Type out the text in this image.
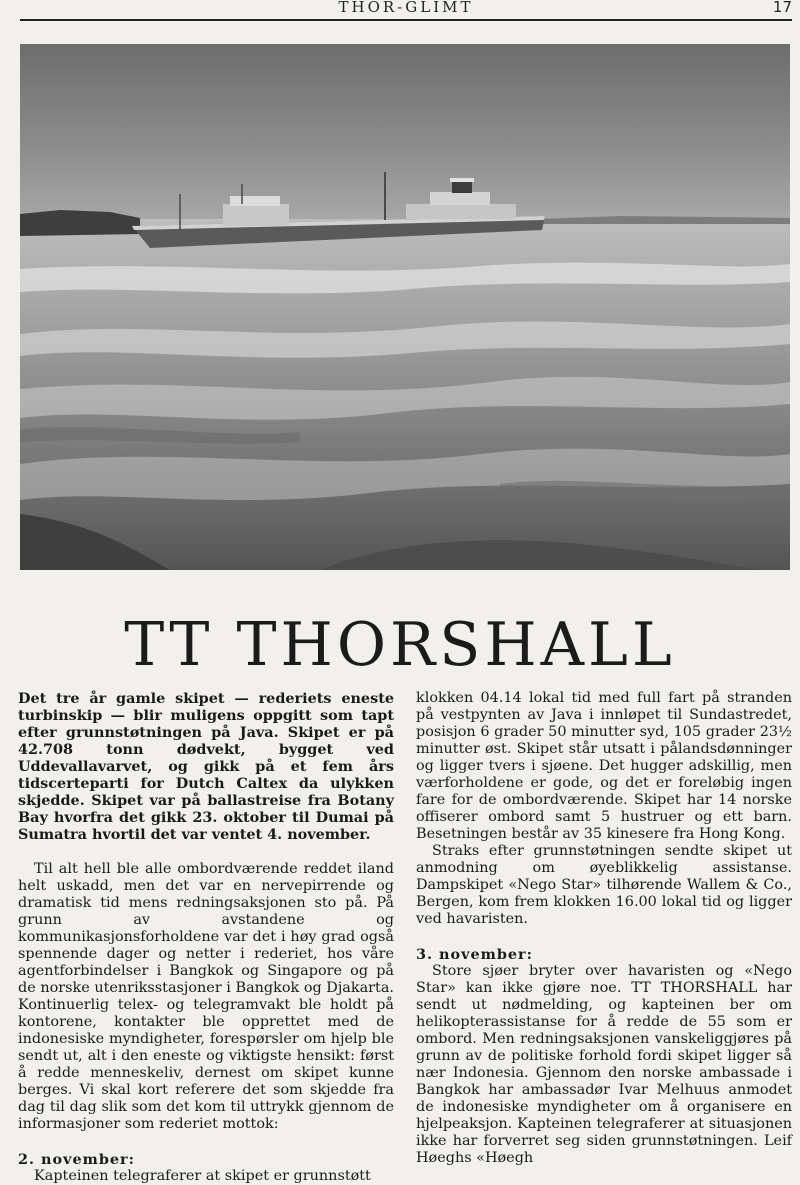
THOR-GLIMT	17
TT THORSHALL

Det tre år gamle skipet — rederiets eneste turbinskip — blir muligens oppgitt som tapt efter grunnstøtningen på Java. Skipet er på 42.708 tonn dødvekt, bygget ved Uddevallavarvet, og gikk på et fem års tidscerteparti for Dutch Caltex da ulykken skjedde. Skipet var på ballastreise fra Botany Bay hvorfra det gikk 23. oktober til Dumai på Sumatra hvortil det var ventet 4. november.

Til alt hell ble alle ombordværende reddet iland helt uskadd, men det var en nervepirrende og dramatisk tid mens redningsaksjonen sto på. På grunn av avstandene og kommunikasjonsforholdene var det i høy grad også spennende dager og netter i rederiet, hos våre agentforbindelser i Bangkok og Singapore og på de norske utenriksstasjoner i Bangkok og Djakarta. Kontinuerlig telex- og telegramvakt ble holdt på kontorene, kontakter ble opprettet med de indonesiske myndigheter, forespørsler om hjelp ble sendt ut, alt i den eneste og viktigste hensikt: først å redde menneskeliv, dernest om skipet kunne berges. Vi skal kort referere det som skjedde fra dag til dag slik som det kom til uttrykk gjennom de informasjoner som rederiet mottok:

2. november:

Kapteinen telegraferer at skipet er grunnstøtt

klokken 04.14 lokal tid med full fart på stranden på vestpynten av Java i innløpet til Sundastredet, posisjon 6 grader 50 minutter syd, 105 grader 23½ minutter øst. Skipet står utsatt i pålandsdønninger og ligger tvers i sjøene. Det hugger adskillig, men værforholdene er gode, og det er foreløbig ingen fare for de ombordværende. Skipet har 14 norske offiserer ombord samt 5 hustruer og ett barn. Besetningen består av 35 kinesere fra Hong Kong.

Straks efter grunnstøtningen sendte skipet ut anmodning om øyeblikkelig assistanse. Dampskipet «Nego Star» tilhørende Wallem & Co., Bergen, kom frem klokken 16.00 lokal tid og ligger ved havaristen.

3. november:

Store sjøer bryter over havaristen og «Nego Star» kan ikke gjøre noe. TT THORSHALL har sendt ut nødmelding, og kapteinen ber om helikopterassistanse for å redde de 55 som er ombord. Men redningsaksjonen vanskeliggjøres på grunn av de politiske forhold fordi skipet ligger så nær Indonesia. Gjennom den norske ambassade i Bangkok har ambassadør Ivar Melhuus anmodet de indonesiske myndigheter om å organisere en hjelpeaksjon. Kapteinen telegraferer at situasjonen ikke har forverret seg siden grunnstøtningen. Leif Høeghs «Høegh
